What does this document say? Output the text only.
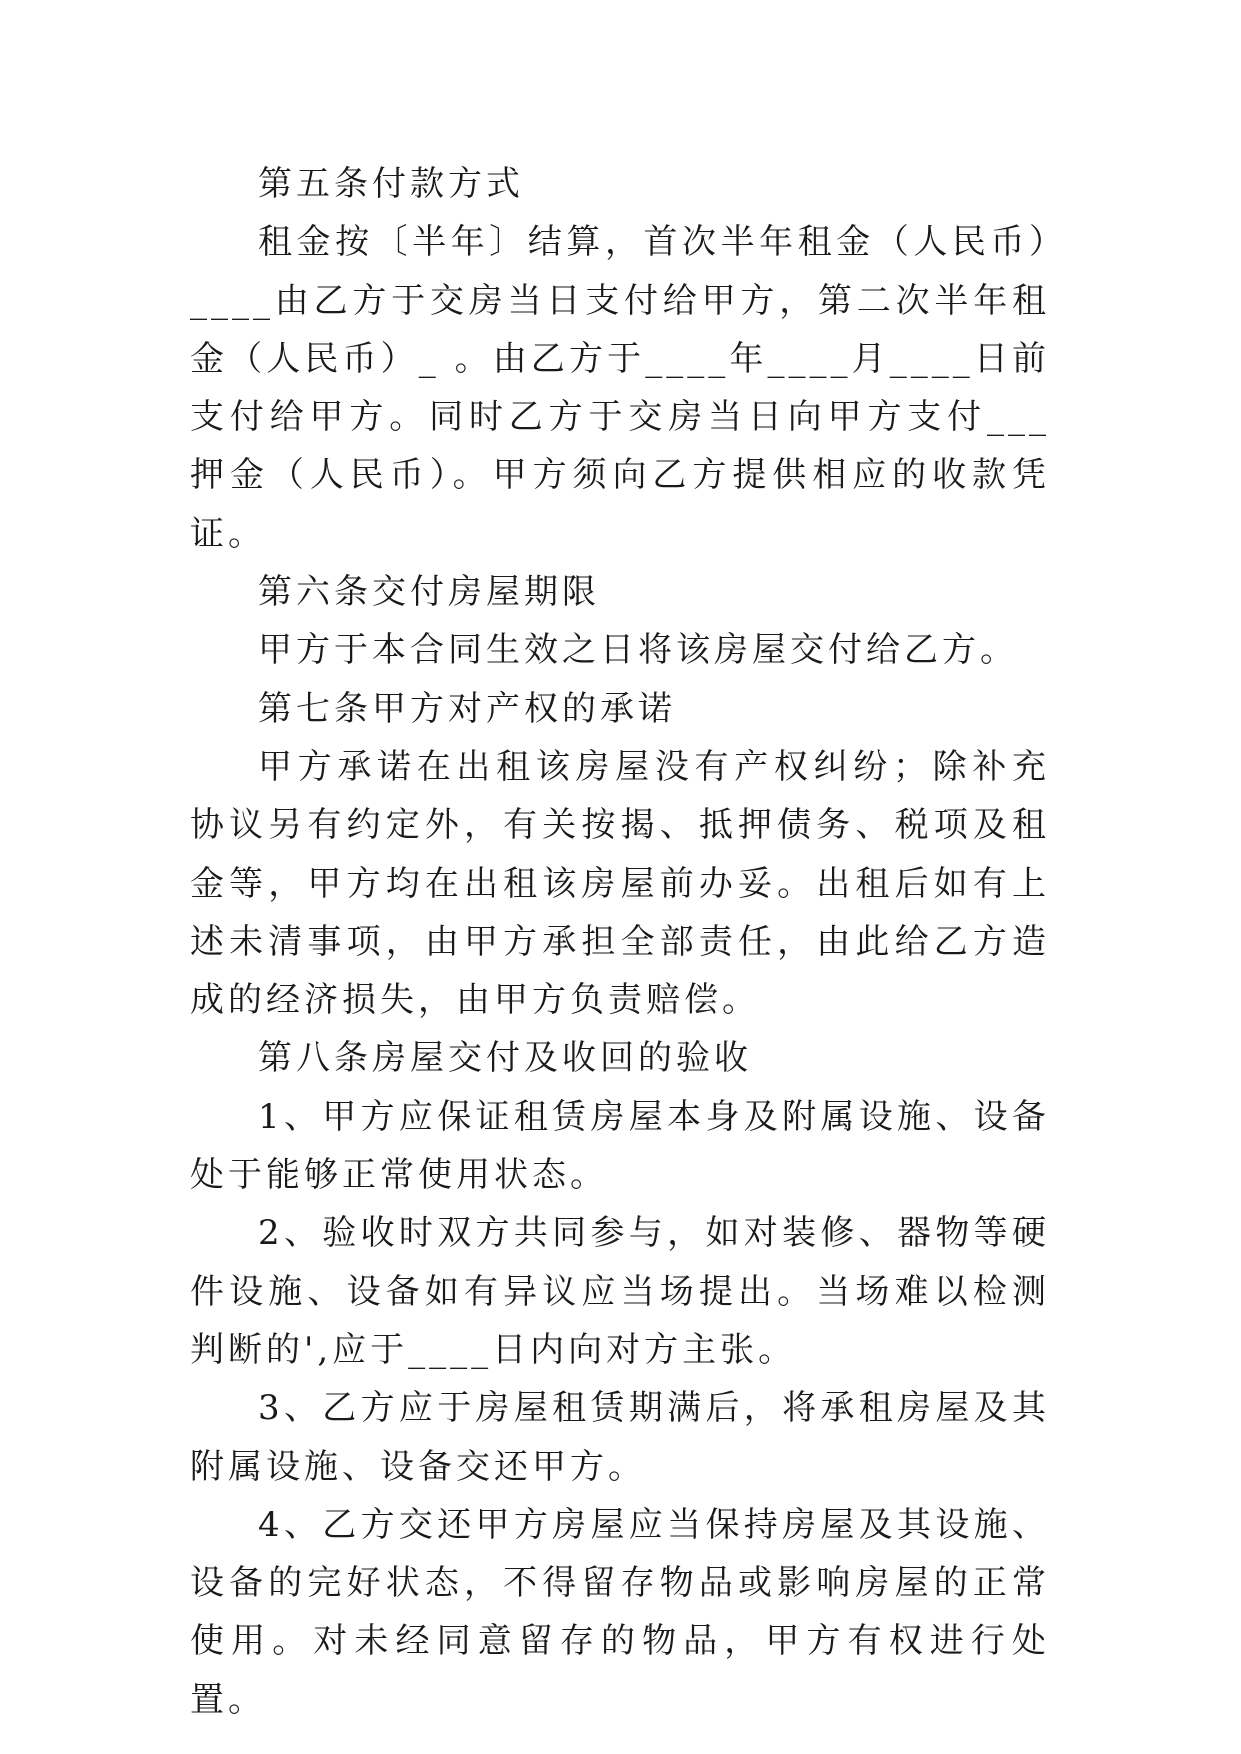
第五条付款方式

租金按〔半年〕结算，首次半年租金（人民币）____由乙方于交房当日支付给甲方，第二次半年租金（人民币）_ 。由乙方于____年____月____日前支付给甲方。同时乙方于交房当日向甲方支付___押金（人民币）。甲方须向乙方提供相应的收款凭证。

第六条交付房屋期限

甲方于本合同生效之日将该房屋交付给乙方。

第七条甲方对产权的承诺

甲方承诺在出租该房屋没有产权纠纷；除补充协议另有约定外，有关按揭、抵押债务、税项及租金等，甲方均在出租该房屋前办妥。出租后如有上述未清事项，由甲方承担全部责任，由此给乙方造成的经济损失，由甲方负责赔偿。

第八条房屋交付及收回的验收

1、甲方应保证租赁房屋本身及附属设施、设备处于能够正常使用状态。

2、验收时双方共同参与，如对装修、器物等硬件设施、设备如有异议应当场提出。当场难以检测判断的',应于____日内向对方主张。

3、乙方应于房屋租赁期满后，将承租房屋及其附属设施、设备交还甲方。

4、乙方交还甲方房屋应当保持房屋及其设施、设备的完好状态，不得留存物品或影响房屋的正常使用。对未经同意留存的物品，甲方有权进行处置。
